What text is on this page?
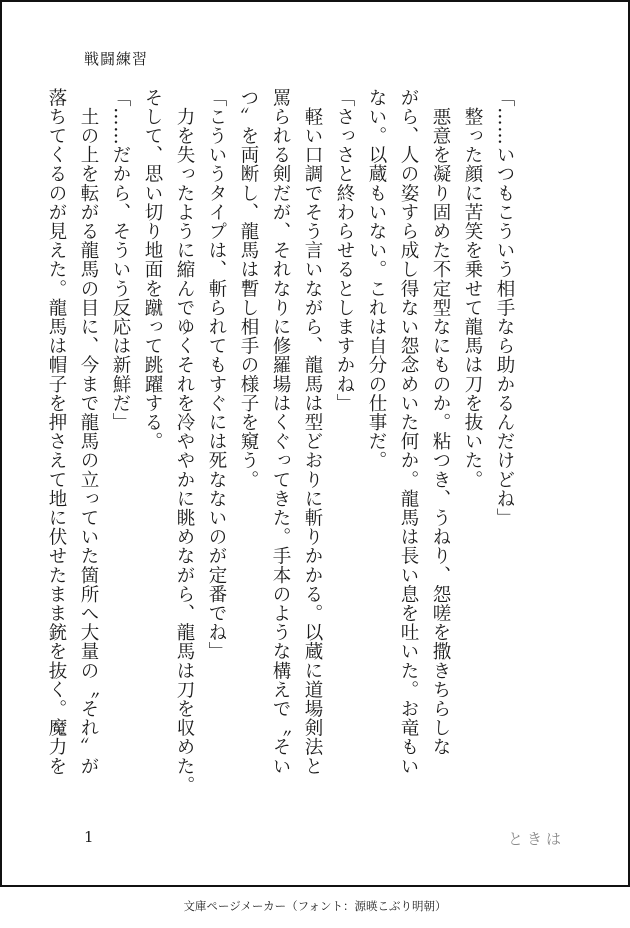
戦闘練習

「……いつもこういう相手なら助かるんだけどね」

　整った顔に苦笑を乗せて龍馬は刀を抜いた。

　悪意を凝り固めた不定型なにものか。粘つき、うねり、怨嗟を撒きちらしな

がら、人の姿すら成し得ない怨念めいた何か。龍馬は長い息を吐いた。お竜もい

ない。以蔵もいない。これは自分の仕事だ。

「さっさと終わらせるとしますかね」

　軽い口調でそう言いながら、龍馬は型どおりに斬りかかる。以蔵に道場剣法と

罵られる剣だが、それなりに修羅場はくぐってきた。手本のような構えで〝そい

つ〟を両断し、龍馬は暫し相手の様子を窺う。

「こういうタイプは、斬られてもすぐには死なないのが定番でね」

　力を失ったように縮んでゆくそれを冷ややかに眺めながら、龍馬は刀を収めた。

そして、思い切り地面を蹴って跳躍する。

「……だから、そういう反応は新鮮だ」

　土の上を転がる龍馬の目に、今まで龍馬の立っていた箇所へ大量の〝それ〟が

落ちてくるのが見えた。龍馬は帽子を押さえて地に伏せたまま銃を抜く。魔力を

1	ときは
文庫ページメーカー（フォント：源暎こぶり明朝）
